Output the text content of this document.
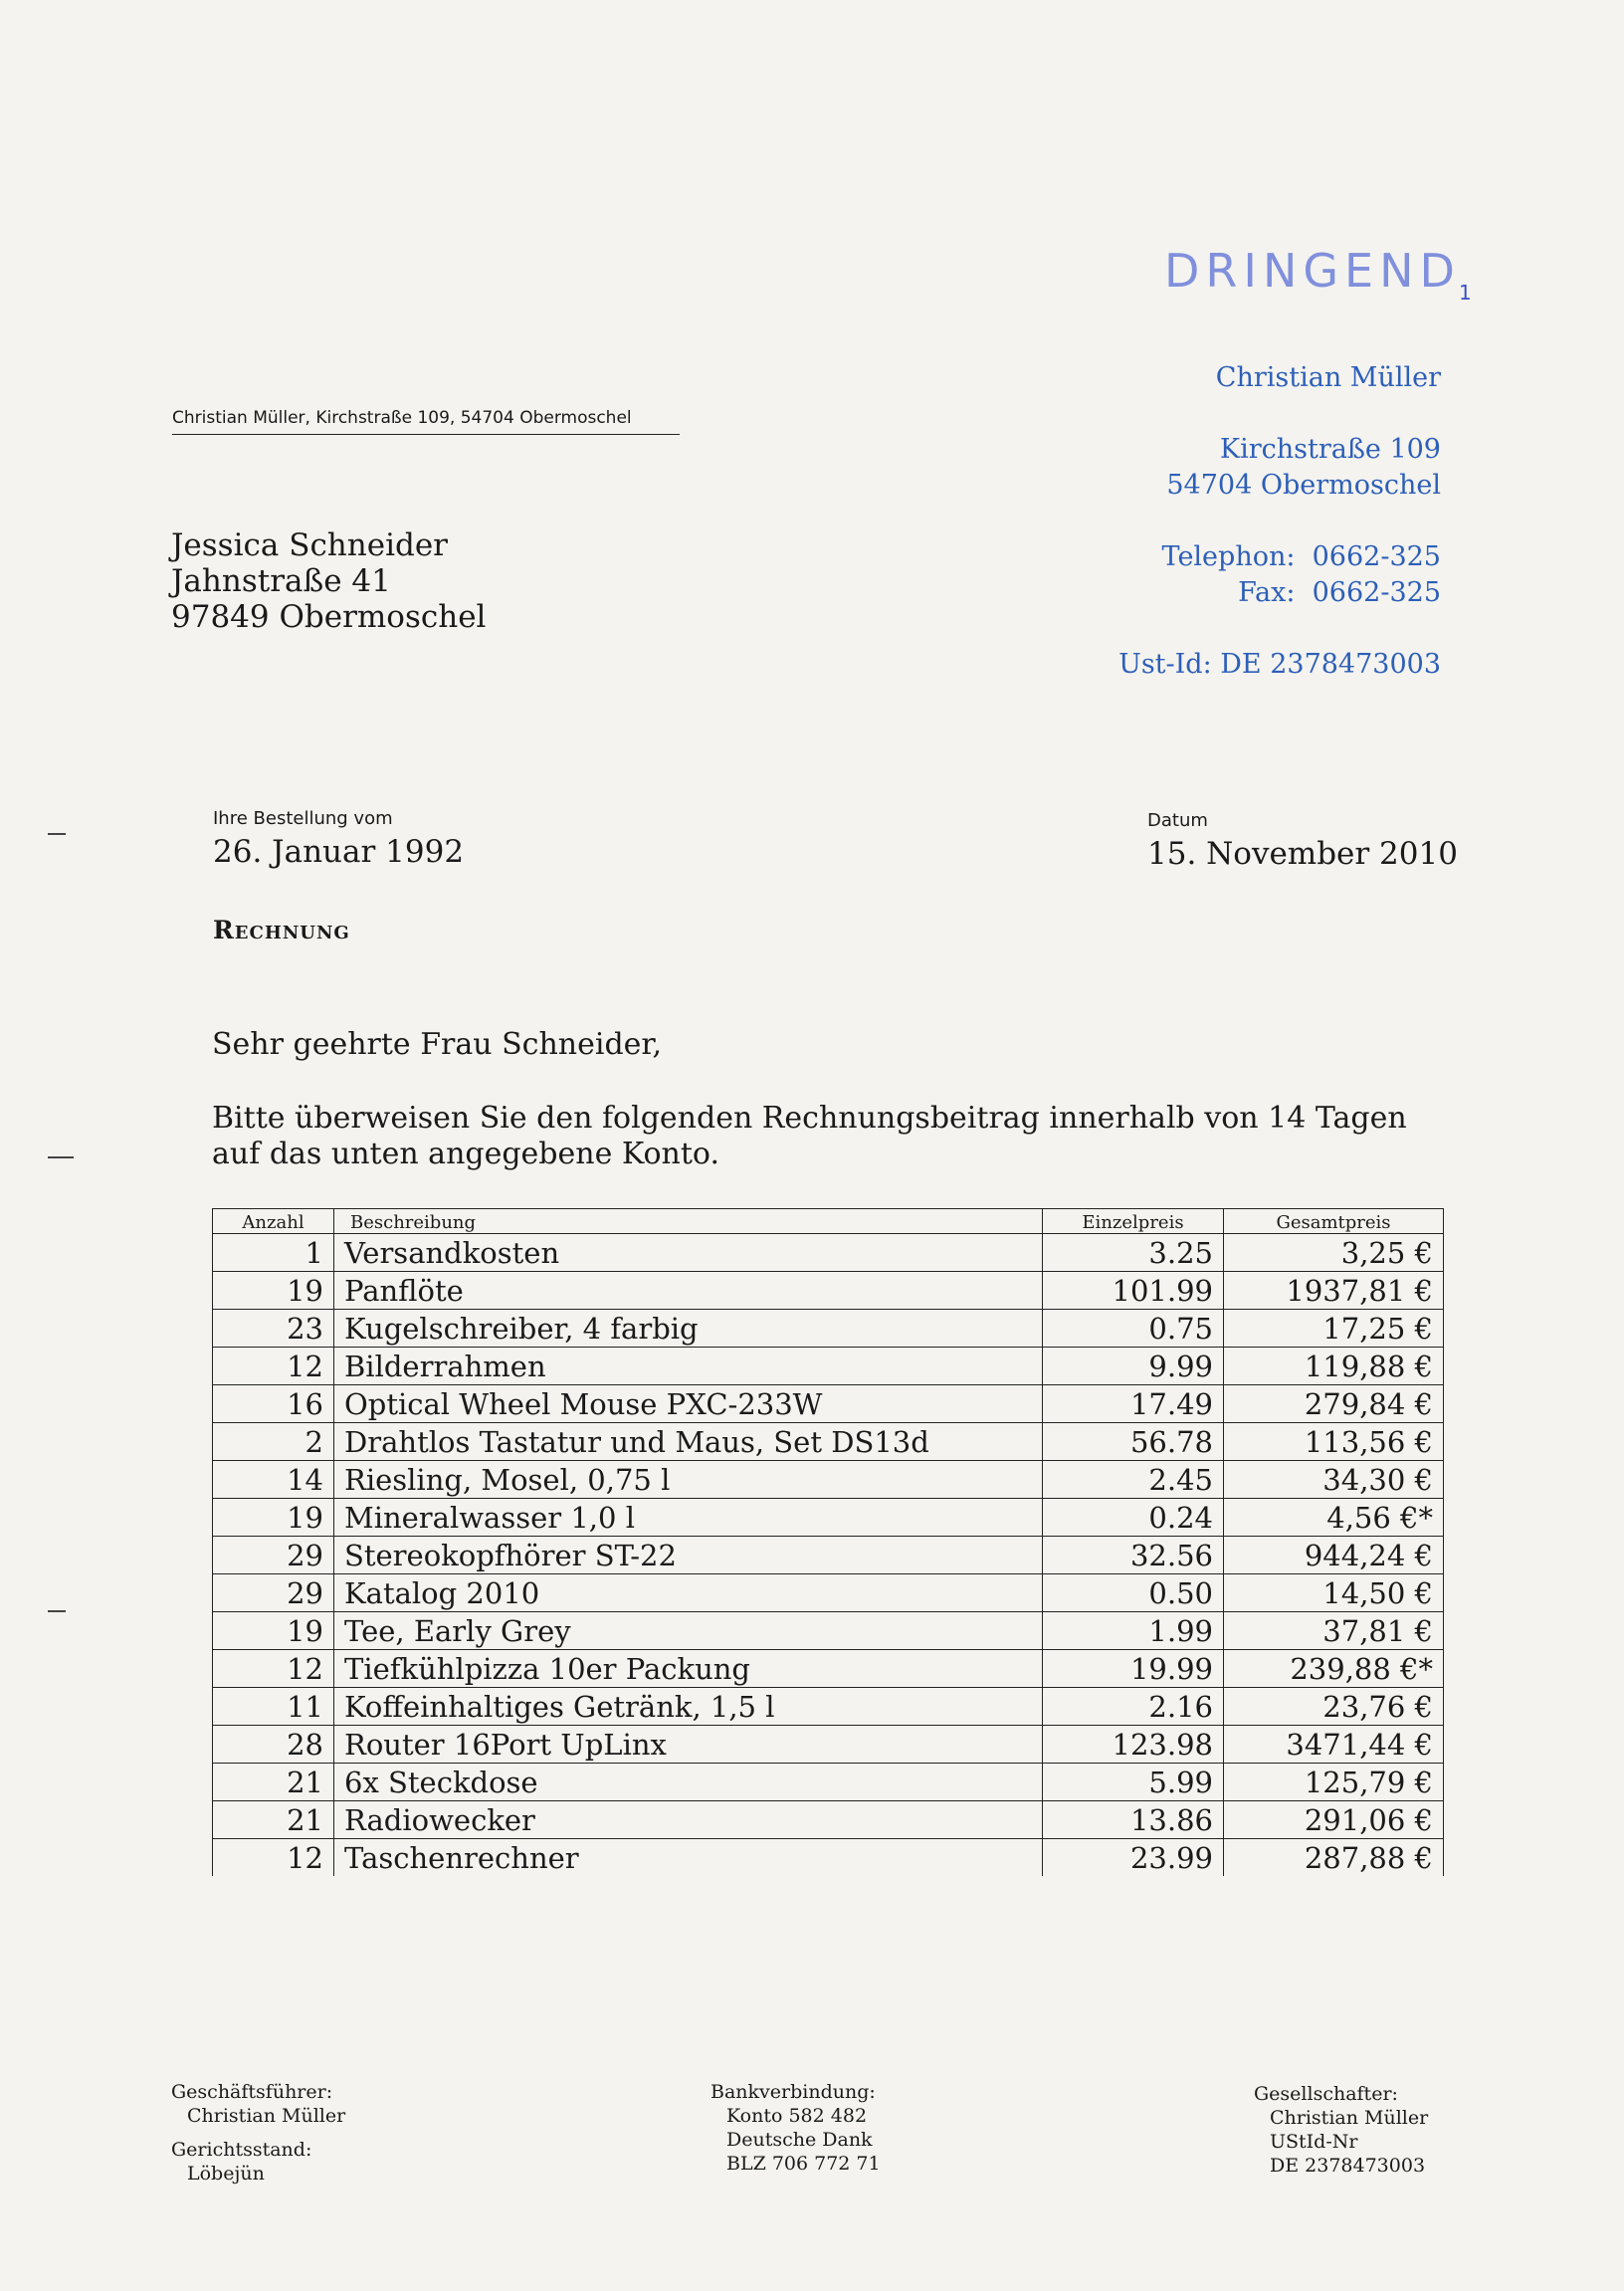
DRINGEND
1
Christian Müller, Kirchstraße 109, 54704 Obermoschel
Jessica Schneider
Jahnstraße 41
97849 Obermoschel
Christian Müller
Kirchstraße 109
54704 Obermoschel
Telephon:  0662-325
Fax:  0662-325
Ust-Id: DE 2378473003
Ihre Bestellung vom
26. Januar 1992
Datum
15. November 2010
Rechnung
Sehr geehrte Frau Schneider,
Bitte überweisen Sie den folgenden Rechnungsbeitrag innerhalb von 14 Tagen
auf das unten angegebene Konto.
Anzahl	Beschreibung	Einzelpreis	Gesamtpreis
1	Versandkosten	3.25	3,25 €
19	Panflöte	101.99	1937,81 €
23	Kugelschreiber, 4 farbig	0.75	17,25 €
12	Bilderrahmen	9.99	119,88 €
16	Optical Wheel Mouse PXC-233W	17.49	279,84 €
2	Drahtlos Tastatur und Maus, Set DS13d	56.78	113,56 €
14	Riesling, Mosel, 0,75 l	2.45	34,30 €
19	Mineralwasser 1,0 l	0.24	4,56 €*
29	Stereokopfhörer ST-22	32.56	944,24 €
29	Katalog 2010	0.50	14,50 €
19	Tee, Early Grey	1.99	37,81 €
12	Tiefkühlpizza 10er Packung	19.99	239,88 €*
11	Koffeinhaltiges Getränk, 1,5 l	2.16	23,76 €
28	Router 16Port UpLinx	123.98	3471,44 €
21	6x Steckdose	5.99	125,79 €
21	Radiowecker	13.86	291,06 €
12	Taschenrechner	23.99	287,88 €
Geschäftsführer:
Christian Müller
Gerichtsstand:
Löbejün
Bankverbindung:
Konto 582 482
Deutsche Dank
BLZ 706 772 71
Gesellschafter:
Christian Müller
UStId-Nr
DE 2378473003
